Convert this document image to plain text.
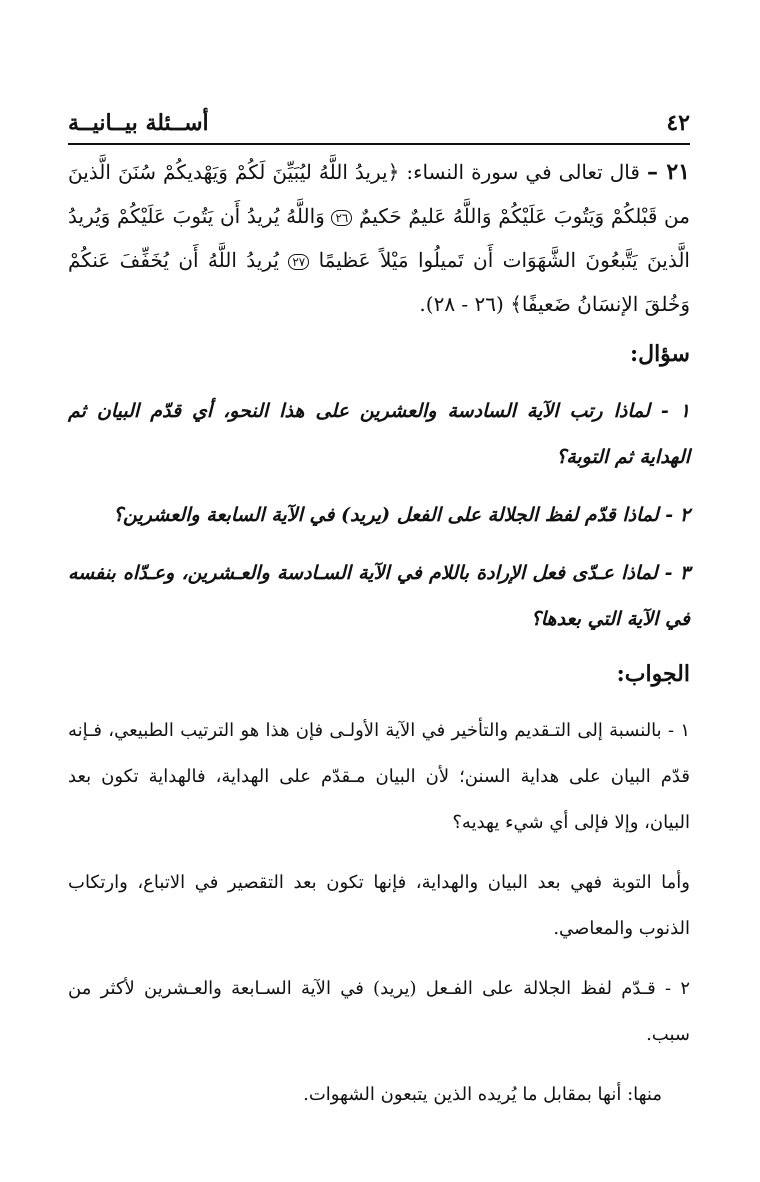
٤٢
أســئلة بيــانيــة

٢١ – قال تعالى في سورة النساء: ﴿يريدُ اللَّهُ ليُبَيِّنَ لَكُمْ وَيَهْديكُمْ سُنَنَ الَّذينَ من قَبْلكُمْ وَيَتُوبَ عَلَيْكُمْ وَاللَّهُ عَليمٌ حَكيمٌ ٢٦ وَاللَّهُ يُريدُ أَن يَتُوبَ عَلَيْكُمْ وَيُريدُ الَّذينَ يَتَّبعُونَ الشَّهَوَات أَن تَميلُوا مَيْلاً عَظيمًا ٢٧ يُريدُ اللَّهُ أَن يُخَفِّفَ عَنكُمْ وَخُلقَ الإنسَانُ ضَعيفًا﴾ (٢٦ - ٢٨).

سؤال:

١ - لماذا رتب الآية السادسة والعشرين على هذا النحو، أي قدّم البيان ثم الهداية ثم التوبة؟

٢ - لماذا قدّم لفظ الجلالة على الفعل (يريد) في الآية السابعة والعشرين؟

٣ - لماذا عـدّى فعل الإرادة باللام في الآية السـادسة والعـشرين، وعـدّاه بنفسه في الآية التي بعدها؟

الجواب:

١ - بالنسبة إلى التـقديم والتأخير في الآية الأولـى فإن هذا هو الترتيب الطبيعي، فـإنه قدّم البيان على هداية السنن؛ لأن البيان مـقدّم على الهداية، فالهداية تكون بعد البيان، وإلا فإلى أي شيء يهديه؟

وأما التوبة فهي بعد البيان والهداية، فإنها تكون بعد التقصير في الاتباع، وارتكاب الذنوب والمعاصي.

٢ - قـدّم لفظ الجلالة على الفـعل (يريد) في الآية السـابعة والعـشرين لأكثر من سبب.

منها: أنها بمقابل ما يُريده الذين يتبعون الشهوات.
